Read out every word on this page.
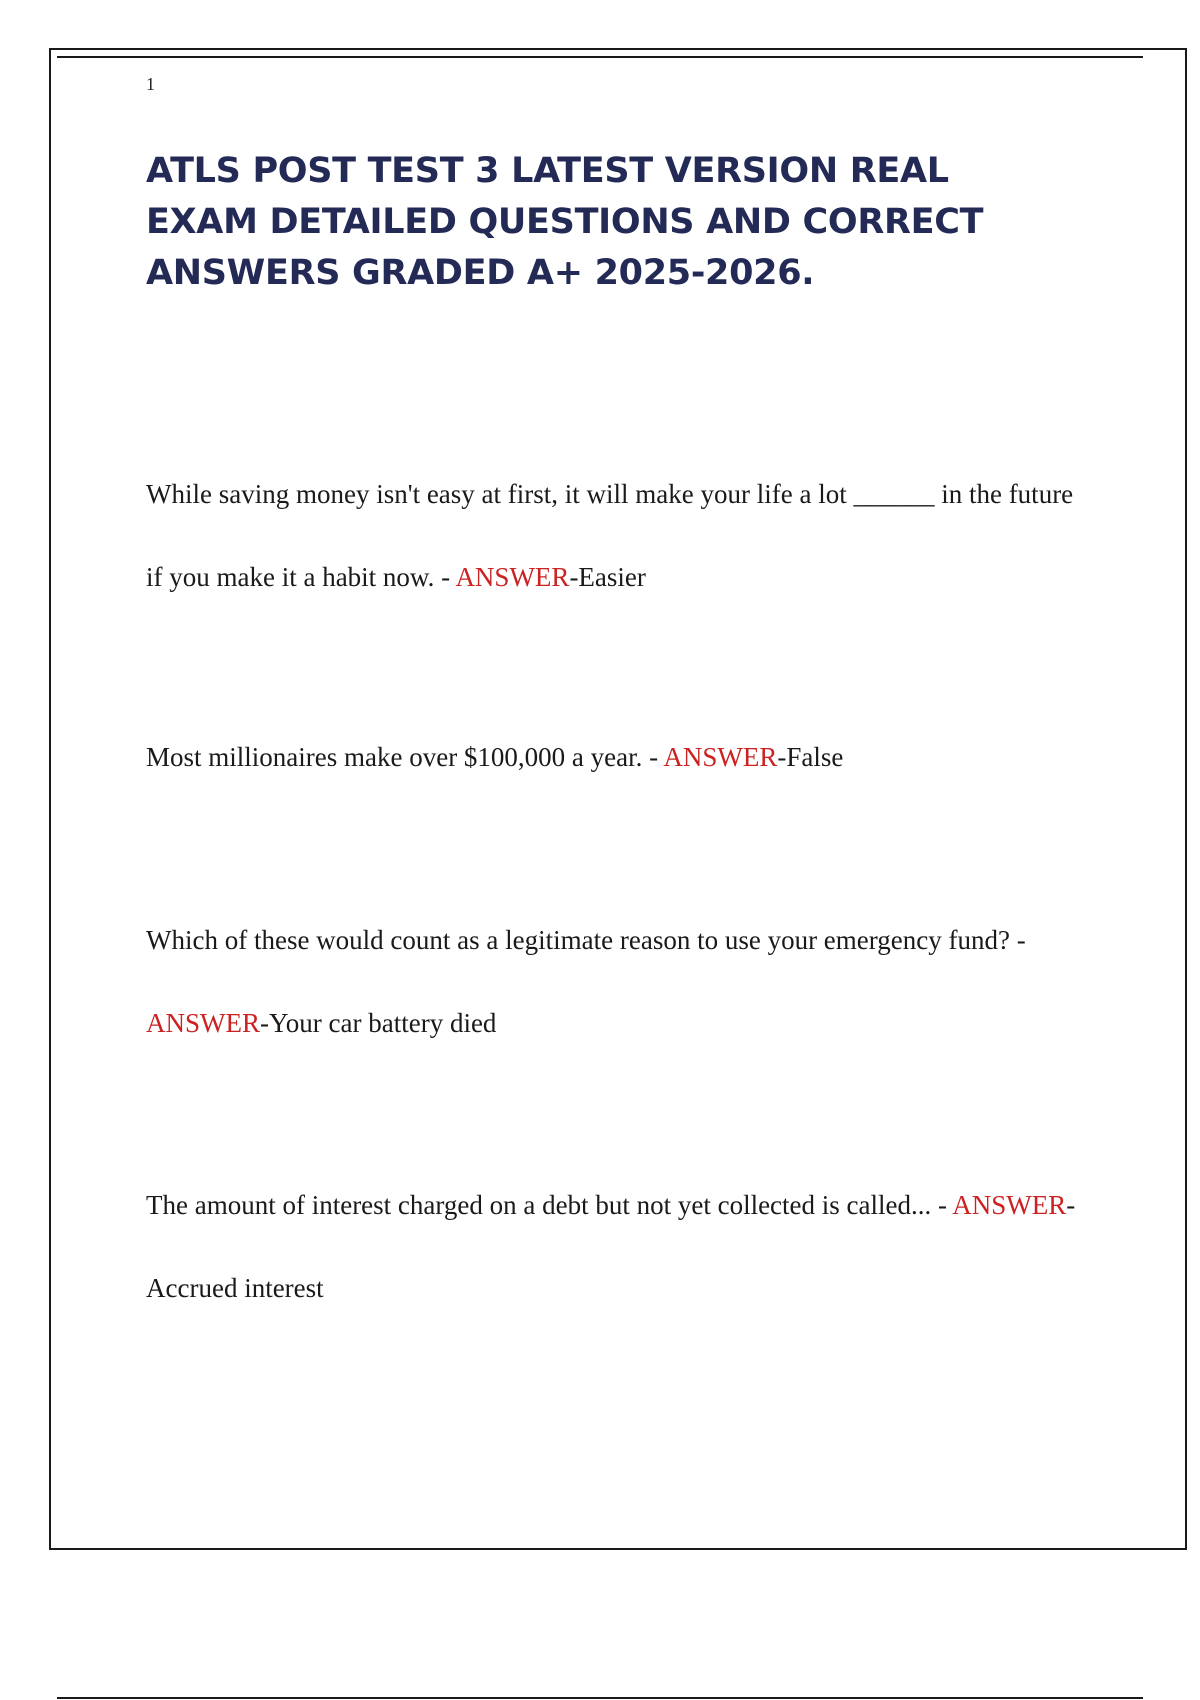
1
ATLS POST TEST 3 LATEST VERSION REAL EXAM DETAILED QUESTIONS AND CORRECT ANSWERS GRADED A+ 2025-2026.

While saving money isn't easy at first, it will make your life a lot ______ in the future if you make it a habit now. - ANSWER-Easier

Most millionaires make over $100,000 a year. - ANSWER-False

Which of these would count as a legitimate reason to use your emergency fund? - ANSWER-Your car battery died

The amount of interest charged on a debt but not yet collected is called... - ANSWER-Accrued interest
